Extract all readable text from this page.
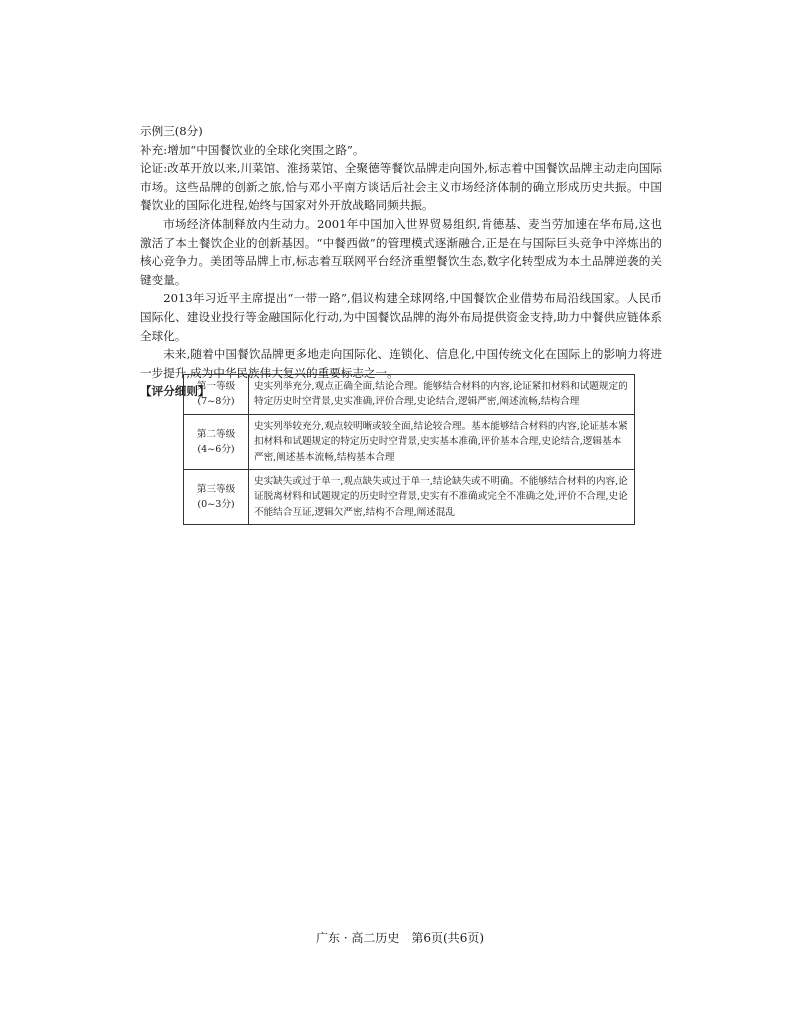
示例三(8分)

补充:增加“中国餐饮业的全球化突围之路”。

论证:改革开放以来,川菜馆、淮扬菜馆、全聚德等餐饮品牌走向国外,标志着中国餐饮品牌主动走向国际市场。这些品牌的创新之旅,恰与邓小平南方谈话后社会主义市场经济体制的确立形成历史共振。中国餐饮业的国际化进程,始终与国家对外开放战略同频共振。

市场经济体制释放内生动力。2001年中国加入世界贸易组织,肯德基、麦当劳加速在华布局,这也激活了本土餐饮企业的创新基因。“中餐西做”的管理模式逐渐融合,正是在与国际巨头竞争中淬炼出的核心竞争力。美团等品牌上市,标志着互联网平台经济重塑餐饮生态,数字化转型成为本土品牌逆袭的关键变量。

2013年习近平主席提出“一带一路”,倡议构建全球网络,中国餐饮企业借势布局沿线国家。人民币国际化、建设业投行等金融国际化行动,为中国餐饮品牌的海外布局提供资金支持,助力中餐供应链体系全球化。

未来,随着中国餐饮品牌更多地走向国际化、连锁化、信息化,中国传统文化在国际上的影响力将进一步提升,成为中华民族伟大复兴的重要标志之一。

【评分细则】

第一等级
(7~8分)	史实列举充分,观点正确全面,结论合理。能够结合材料的内容,论证紧扣材料和试题规定的特定历史时空背景,史实准确,评价合理,史论结合,逻辑严密,阐述流畅,结构合理

第二等级
(4~6分)	史实列举较充分,观点较明晰或较全面,结论较合理。基本能够结合材料的内容,论证基本紧扣材料和试题规定的特定历史时空背景,史实基本准确,评价基本合理,史论结合,逻辑基本严密,阐述基本流畅,结构基本合理

第三等级
(0~3分)	史实缺失或过于单一,观点缺失或过于单一,结论缺失或不明确。不能够结合材料的内容,论证脱离材料和试题规定的历史时空背景,史实有不准确或完全不准确之处,评价不合理,史论不能结合互证,逻辑欠严密,结构不合理,阐述混乱
广东 · 高二历史　第6页(共6页)
